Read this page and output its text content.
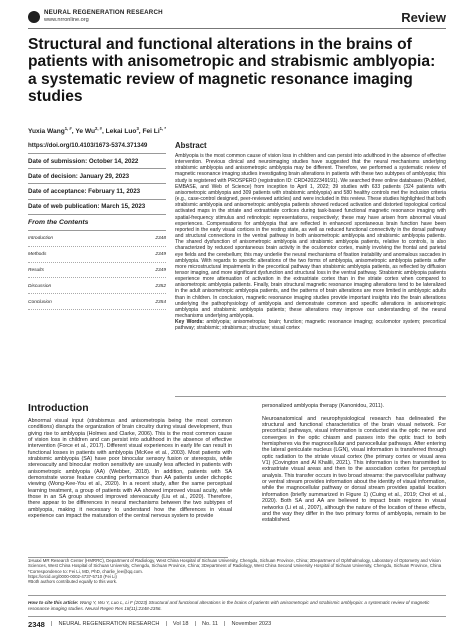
NEURAL REGENERATION RESEARCH
www.nrronline.org	Review
Structural and functional alterations in the brains of patients with anisometropic and strabismic amblyopia: a systematic review of magnetic resonance imaging studies
Yuxia Wang$^{1, \#}$, Ye $Wu^{2, \#}$, Lekai Luo$^3$, Fei $Li^{1, *}$
https://doi.org/10.4103/1673-5374.371349
Date of submission: October 14, 2022
Date of decision: January 29, 2023
Date of acceptance: February 11, 2023
Date of web publication: March 15, 2023
From the Contents
Introduction	2348
Methods	2349
Results	2349
Discussion	2352
Conclusion	2354
Abstract
Amblyopia is the most common cause of vision loss in children and can persist into adulthood in the absence of effective intervention. Previous clinical and neuroimaging studies have suggested that the neural mechanisms underlying strabismic amblyopia and anisometropic amblyopia may be different. Therefore, we performed a systematic review of magnetic resonance imaging studies investigating brain alterations in patients with these two subtypes of amblyopia; this study is registered with PROSPERO (registration ID: CRD42022349191). We searched three online databases (PubMed, EMBASE, and Web of Science) from inception to April 1, 2022; 39 studies with 633 patients (324 patients with anisometropic amblyopia and 309 patients with strabismic amblyopia) and 580 healthy controls met the inclusion criteria (e.g., case-control designed, peer-reviewed articles) and were included in this review. These studies highlighted that both strabismic amblyopia and anisometropic amblyopia patients showed reduced activation and distorted topological cortical activated maps in the striate and extrastriate cortices during task-based functional magnetic resonance imaging with spatial-frequency stimulus and retinotopic representations, respectively; these may have arisen from abnormal visual experiences. Compensations for amblyopia that are reflected in enhanced spontaneous brain function have been reported in the early visual cortices in the resting state, as well as reduced functional connectivity in the dorsal pathway and structural connections in the ventral pathway in both anisometropic amblyopia and strabismic amblyopia patients. The shared dysfunction of anisometropic amblyopia and strabismic amblyopia patients, relative to controls, is also characterized by reduced spontaneous brain activity in the oculomotor cortex, mainly involving the frontal and parietal eye fields and the cerebellum; this may underlie the neural mechanisms of fixation instability and anomalous saccades in amblyopia. With regards to specific alterations of the two forms of amblyopia, anisometropic amblyopia patients suffer more microstructural impairments in the precortical pathway than strabismic amblyopia patients, as reflected by diffusion tensor imaging, and more significant dysfunction and structural loss in the ventral pathway. Strabismic amblyopia patients experience more attenuation of activation in the extrastriate cortex than in the striate cortex when compared to anisometropic amblyopia patients. Finally, brain structural magnetic resonance imaging alterations tend to be lateralized in the adult anisometropic amblyopia patients, and the patterns of brain alterations are more limited in amblyopic adults than in children. In conclusion, magnetic resonance imaging studies provide important insights into the brain alterations underlying the pathophysiology of amblyopia and demonstrate common and specific alterations in anisometropic amblyopia and strabismic amblyopia patients; these alterations may improve our understanding of the neural mechanisms underlying amblyopia.
Key Words: amblyopia; anisometropia; brain; function; magnetic resonance imaging; oculomotor system; precortical pathway; strabismic; strabismus; structure; visual cortex
Introduction
Abnormal visual input (strabismus and anisometropia being the most common conditions) disrupts the organization of brain circuitry during visual development, thus giving rise to amblyopia (Holmes and Clarke, 2006). This is the most common cause of vision loss in children and can persist into adulthood in the absence of effective intervention (Force et al., 2017). Different visual experiences in early life can result in functional losses in patients with amblyopia (McKee et al., 2003). Most patients with strabismic amblyopia (SA) have poor binocular sensory fusion or stereopsis, while stereoacuity and binocular motion sensitivity are usually less affected in patients with anisometropic amblyopia (AA) (Webber, 2018). In addition, patients with SA demonstrate worse feature counting performance than AA patients under dichoptic viewing (Wong-Kee-You et al., 2020). In a recent study, after the same perceptual learning treatment, a group of patients with AA showed improved visual acuity, while those in an SA group showed improved stereoacuity (Liu et al., 2020). Therefore, there appear to be differences in neural mechanisms between the two subtypes of amblyopia, making it necessary to understand how the differences in visual experience can impact the maturation of the central nervous system to provide
personalized amblyopia therapy (Kanonidou, 2011).

Neuroanatomical and neurophysiological research has delineated the structural and functional characteristics of the brain visual network. For precortical pathways, visual information is conducted via the optic nerve and converges in the optic chiasm and passes into the optic tract to both hemispheres via the magnocellular and parvocellular pathways. After entering the lateral geniculate nucleus (LGN), visual information is transferred through optic radiation to the striate visual cortex (the primary cortex or visual area V1) (Covington and Al Khalili, 2021). This information is then transmitted to extrastriate visual areas and then to the association cortex for perceptual analysis. This transfer occurs in two broad streams: the parvocellular pathway or ventral stream provides information about the identity of visual information, while the magnocellular pathway or dorsal stream provides spatial location information (briefly summarized in Figure 1) (Cuing et al., 2019; Choi et al., 2020). Both SA and AA are believed to impact brain regions in visual networks (Li et al., 2007), although the nature of the location of these effects, and the way they differ in the two primary forms of amblyopia, remain to be established.
1Huaxi MR Research Center (HMRRC), Department of Radiology, West China Hospital of Sichuan University, Chengdu, Sichuan Province, China; 2Department of Ophthalmology, Laboratory of Optometry and Vision Sciences, West China Hospital of Sichuan University, Chengdu, Sichuan Province, China; 3Department of Radiology, West China Second University Hospital of Sichuan University, Chengdu, Sichuan Province, China
*Correspondence to: Fei Li, MD, PhD, charlie_lee@qq.com.
https://orcid.org/0000-0002-4737-5710 (Fei Li)
#Both authors contributed equally to this work.
How to cite this article: Wang Y, Wu Y, Luo L, Li F (2023) Structural and functional alterations in the brains of patients with anisometropic and strabismic amblyopia: a systematic review of magnetic resonance imaging studies. Neural Regen Res 18(11):2348-2356.
2348	| NEURAL REGENERATION RESEARCH | Vol 18 | No. 11 | November 2023
